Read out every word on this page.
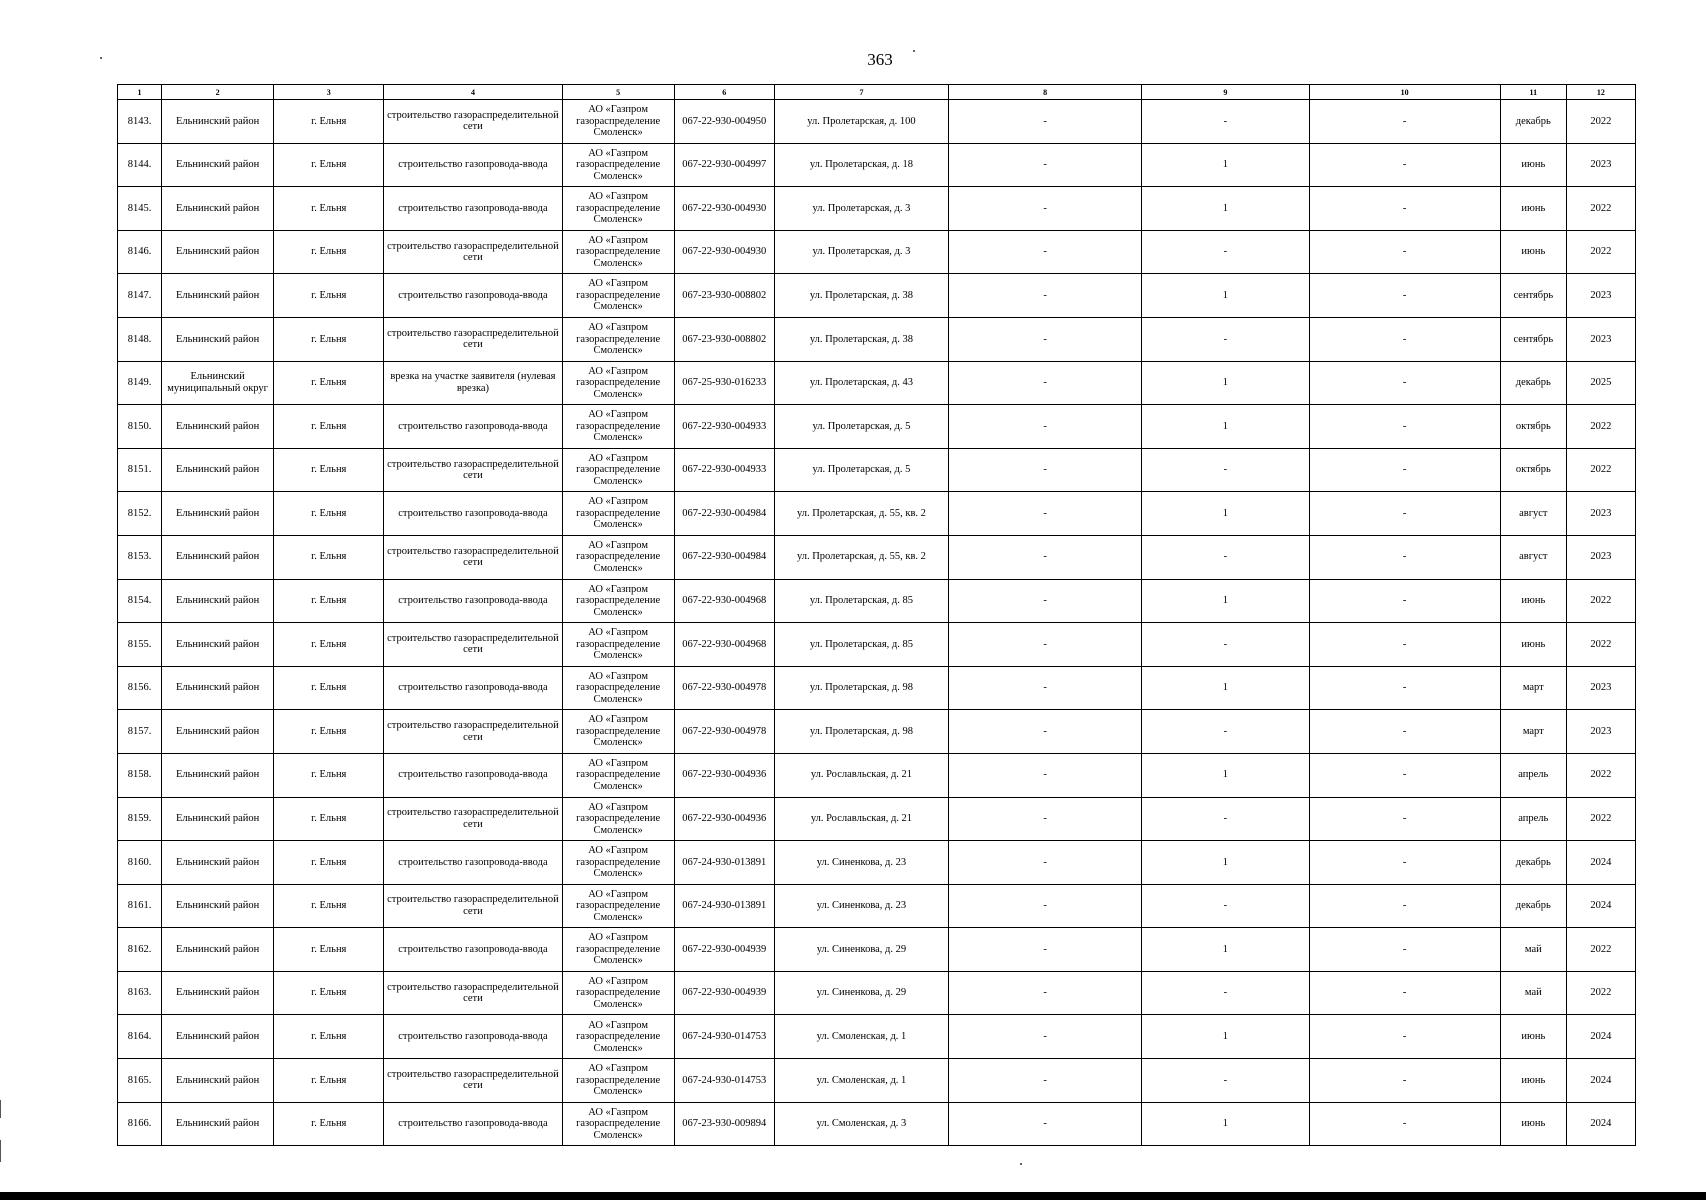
363
1	2	3	4	5	6	7	8	9	10	11	12
8143.	Ельнинский район	г. Ельня	строительство газораспределительной сети	АО «Газпром газораспределение Смоленск»	067-22-930-004950	ул. Пролетарская, д. 100	-	-	-	декабрь	2022
8144.	Ельнинский район	г. Ельня	строительство газопровода-ввода	АО «Газпром газораспределение Смоленск»	067-22-930-004997	ул. Пролетарская, д. 18	-	1	-	июнь	2023
8145.	Ельнинский район	г. Ельня	строительство газопровода-ввода	АО «Газпром газораспределение Смоленск»	067-22-930-004930	ул. Пролетарская, д. 3	-	1	-	июнь	2022
8146.	Ельнинский район	г. Ельня	строительство газораспределительной сети	АО «Газпром газораспределение Смоленск»	067-22-930-004930	ул. Пролетарская, д. 3	-	-	-	июнь	2022
8147.	Ельнинский район	г. Ельня	строительство газопровода-ввода	АО «Газпром газораспределение Смоленск»	067-23-930-008802	ул. Пролетарская, д. 38	-	1	-	сентябрь	2023
8148.	Ельнинский район	г. Ельня	строительство газораспределительной сети	АО «Газпром газораспределение Смоленск»	067-23-930-008802	ул. Пролетарская, д. 38	-	-	-	сентябрь	2023
8149.	Ельнинский муниципальный округ	г. Ельня	врезка на участке заявителя (нулевая врезка)	АО «Газпром газораспределение Смоленск»	067-25-930-016233	ул. Пролетарская, д. 43	-	1	-	декабрь	2025
8150.	Ельнинский район	г. Ельня	строительство газопровода-ввода	АО «Газпром газораспределение Смоленск»	067-22-930-004933	ул. Пролетарская, д. 5	-	1	-	октябрь	2022
8151.	Ельнинский район	г. Ельня	строительство газораспределительной сети	АО «Газпром газораспределение Смоленск»	067-22-930-004933	ул. Пролетарская, д. 5	-	-	-	октябрь	2022
8152.	Ельнинский район	г. Ельня	строительство газопровода-ввода	АО «Газпром газораспределение Смоленск»	067-22-930-004984	ул. Пролетарская, д. 55, кв. 2	-	1	-	август	2023
8153.	Ельнинский район	г. Ельня	строительство газораспределительной сети	АО «Газпром газораспределение Смоленск»	067-22-930-004984	ул. Пролетарская, д. 55, кв. 2	-	-	-	август	2023
8154.	Ельнинский район	г. Ельня	строительство газопровода-ввода	АО «Газпром газораспределение Смоленск»	067-22-930-004968	ул. Пролетарская, д. 85	-	1	-	июнь	2022
8155.	Ельнинский район	г. Ельня	строительство газораспределительной сети	АО «Газпром газораспределение Смоленск»	067-22-930-004968	ул. Пролетарская, д. 85	-	-	-	июнь	2022
8156.	Ельнинский район	г. Ельня	строительство газопровода-ввода	АО «Газпром газораспределение Смоленск»	067-22-930-004978	ул. Пролетарская, д. 98	-	1	-	март	2023
8157.	Ельнинский район	г. Ельня	строительство газораспределительной сети	АО «Газпром газораспределение Смоленск»	067-22-930-004978	ул. Пролетарская, д. 98	-	-	-	март	2023
8158.	Ельнинский район	г. Ельня	строительство газопровода-ввода	АО «Газпром газораспределение Смоленск»	067-22-930-004936	ул. Рославльская, д. 21	-	1	-	апрель	2022
8159.	Ельнинский район	г. Ельня	строительство газораспределительной сети	АО «Газпром газораспределение Смоленск»	067-22-930-004936	ул. Рославльская, д. 21	-	-	-	апрель	2022
8160.	Ельнинский район	г. Ельня	строительство газопровода-ввода	АО «Газпром газораспределение Смоленск»	067-24-930-013891	ул. Синенкова, д. 23	-	1	-	декабрь	2024
8161.	Ельнинский район	г. Ельня	строительство газораспределительной сети	АО «Газпром газораспределение Смоленск»	067-24-930-013891	ул. Синенкова, д. 23	-	-	-	декабрь	2024
8162.	Ельнинский район	г. Ельня	строительство газопровода-ввода	АО «Газпром газораспределение Смоленск»	067-22-930-004939	ул. Синенкова, д. 29	-	1	-	май	2022
8163.	Ельнинский район	г. Ельня	строительство газораспределительной сети	АО «Газпром газораспределение Смоленск»	067-22-930-004939	ул. Синенкова, д. 29	-	-	-	май	2022
8164.	Ельнинский район	г. Ельня	строительство газопровода-ввода	АО «Газпром газораспределение Смоленск»	067-24-930-014753	ул. Смоленская, д. 1	-	1	-	июнь	2024
8165.	Ельнинский район	г. Ельня	строительство газораспределительной сети	АО «Газпром газораспределение Смоленск»	067-24-930-014753	ул. Смоленская, д. 1	-	-	-	июнь	2024
8166.	Ельнинский район	г. Ельня	строительство газопровода-ввода	АО «Газпром газораспределение Смоленск»	067-23-930-009894	ул. Смоленская, д. 3	-	1	-	июнь	2024
